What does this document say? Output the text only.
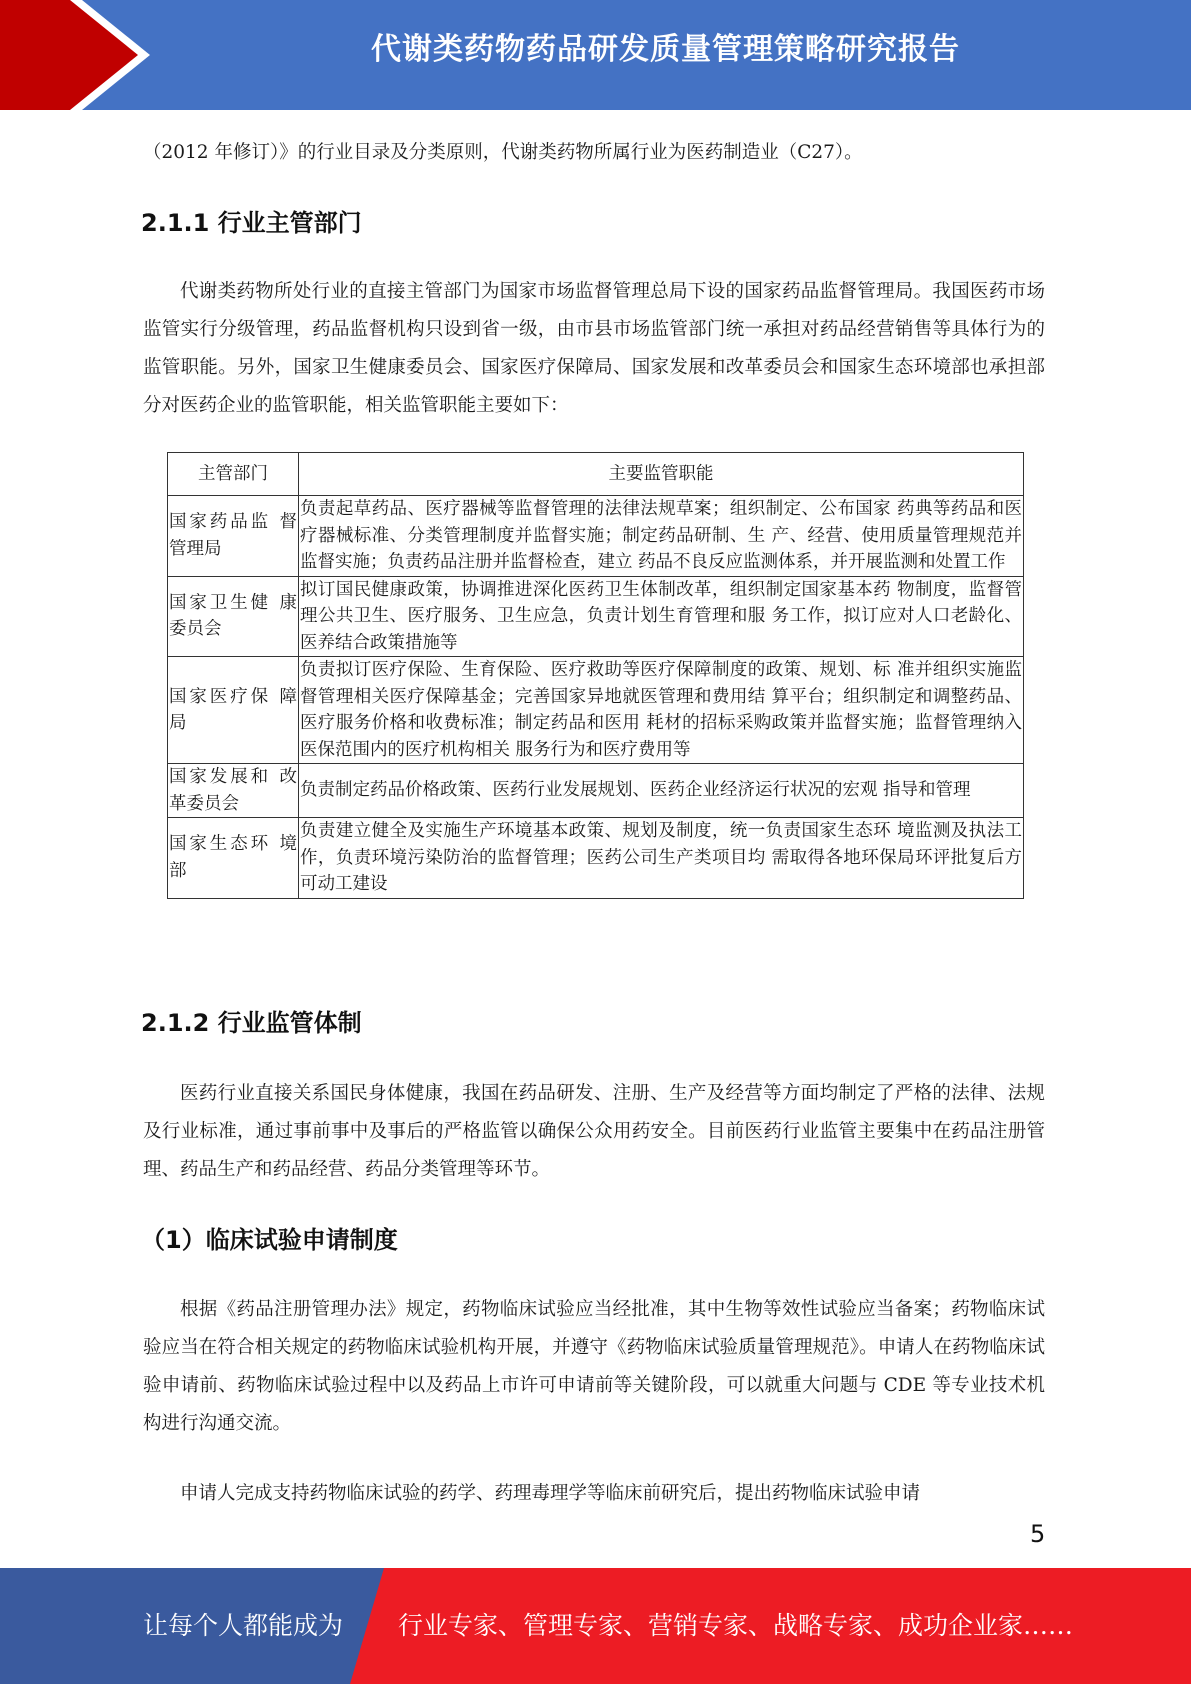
代谢类药物药品研发质量管理策略研究报告

（2012 年修订）》的行业目录及分类原则，代谢类药物所属行业为医药制造业（C27）。

2.1.1 行业主管部门

代谢类药物所处行业的直接主管部门为国家市场监督管理总局下设的国家药品监督管理局。我国医药市场监管实行分级管理，药品监督机构只设到省一级，由市县市场监管部门统一承担对药品经营销售等具体行为的监管职能。另外，国家卫生健康委员会、国家医疗保障局、国家发展和改革委员会和国家生态环境部也承担部分对医药企业的监管职能，相关监管职能主要如下：

主管部门	主要监管职能
国家药品监 督管理局	负责起草药品、医疗器械等监督管理的法律法规草案；组织制定、公布国家 药典等药品和医疗器械标准、分类管理制度并监督实施；制定药品研制、生 产、经营、使用质量管理规范并监督实施；负责药品注册并监督检查，建立 药品不良反应监测体系，并开展监测和处置工作
国家卫生健 康委员会	拟订国民健康政策，协调推进深化医药卫生体制改革，组织制定国家基本药 物制度，监督管理公共卫生、医疗服务、卫生应急，负责计划生育管理和服 务工作，拟订应对人口老龄化、医养结合政策措施等
国家医疗保 障局	负责拟订医疗保险、生育保险、医疗救助等医疗保障制度的政策、规划、标 准并组织实施监督管理相关医疗保障基金；完善国家异地就医管理和费用结 算平台；组织制定和调整药品、医疗服务价格和收费标准；制定药品和医用 耗材的招标采购政策并监督实施；监督管理纳入医保范围内的医疗机构相关 服务行为和医疗费用等
国家发展和 改革委员会	负责制定药品价格政策、医药行业发展规划、医药企业经济运行状况的宏观 指导和管理
国家生态环 境部	负责建立健全及实施生产环境基本政策、规划及制度，统一负责国家生态环 境监测及执法工作，负责环境污染防治的监督管理；医药公司生产类项目均 需取得各地环保局环评批复后方可动工建设
2.1.2 行业监管体制

医药行业直接关系国民身体健康，我国在药品研发、注册、生产及经营等方面均制定了严格的法律、法规及行业标准，通过事前事中及事后的严格监管以确保公众用药安全。目前医药行业监管主要集中在药品注册管理、药品生产和药品经营、药品分类管理等环节。

（1）临床试验申请制度

根据《药品注册管理办法》规定，药物临床试验应当经批准，其中生物等效性试验应当备案；药物临床试验应当在符合相关规定的药物临床试验机构开展，并遵守《药物临床试验质量管理规范》。申请人在药物临床试验申请前、药物临床试验过程中以及药品上市许可申请前等关键阶段，可以就重大问题与 CDE 等专业技术机构进行沟通交流。

申请人完成支持药物临床试验的药学、药理毒理学等临床前研究后，提出药物临床试验申请

5
让每个人都能成为 行业专家、管理专家、营销专家、战略专家、成功企业家……
